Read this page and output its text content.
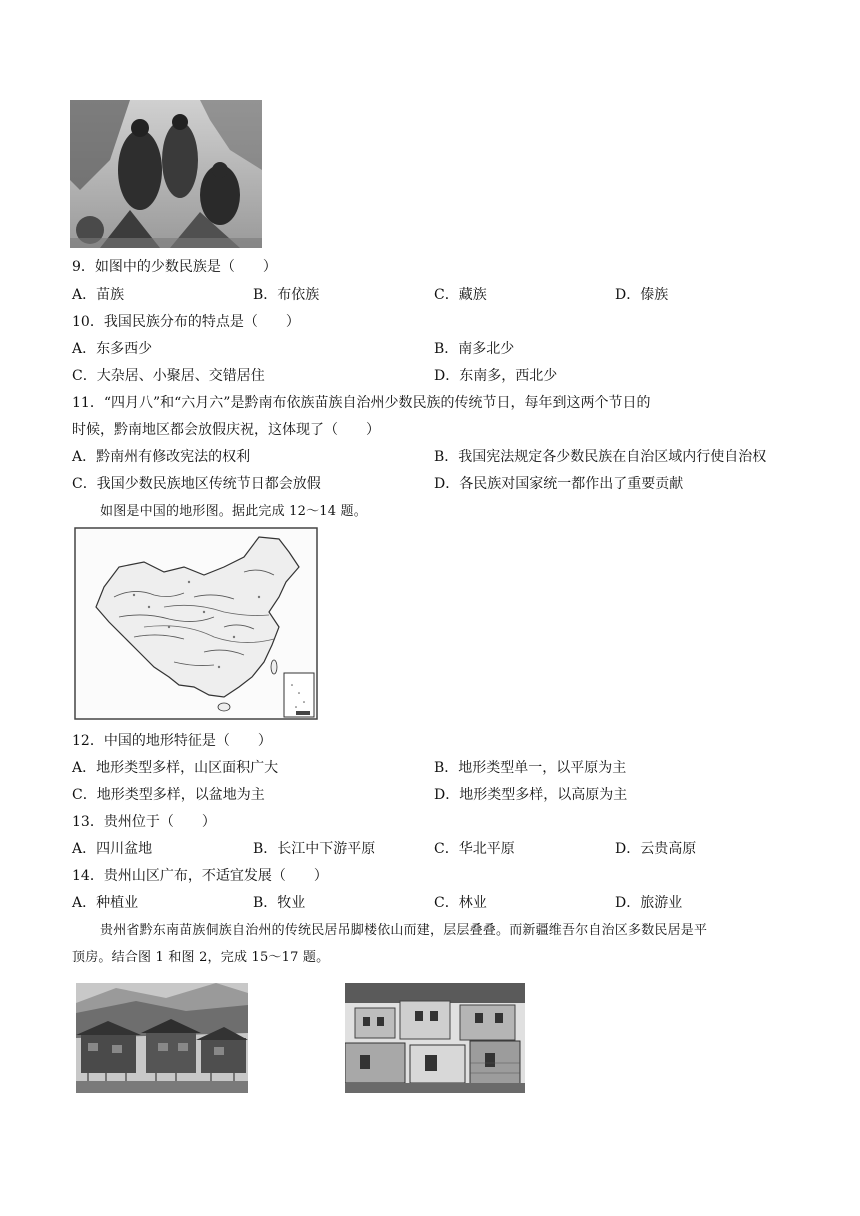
9．如图中的少数民族是（　　）
A．苗族	B．布依族	C．藏族	D．傣族
10．我国民族分布的特点是（　　）
A．东多西少	B．南多北少
C．大杂居、小聚居、交错居住	D．东南多，西北少
11．“四月八”和“六月六”是黔南布依族苗族自治州少数民族的传统节日，每年到这两个节日的
时候，黔南地区都会放假庆祝，这体现了（　　）
A．黔南州有修改宪法的权利	B．我国宪法规定各少数民族在自治区域内行使自治权
C．我国少数民族地区传统节日都会放假	D．各民族对国家统一都作出了重要贡献
如图是中国的地形图。据此完成 12～14 题。
12．中国的地形特征是（　　）
A．地形类型多样，山区面积广大	B．地形类型单一，以平原为主
C．地形类型多样，以盆地为主	D．地形类型多样，以高原为主
13．贵州位于（　　）
A．四川盆地	B．长江中下游平原	C．华北平原	D．云贵高原
14．贵州山区广布，不适宜发展（　　）
A．种植业	B．牧业	C．林业	D．旅游业
贵州省黔东南苗族侗族自治州的传统民居吊脚楼依山而建，层层叠叠。而新疆维吾尔自治区多数民居是平
顶房。结合图 1 和图 2，完成 15～17 题。
